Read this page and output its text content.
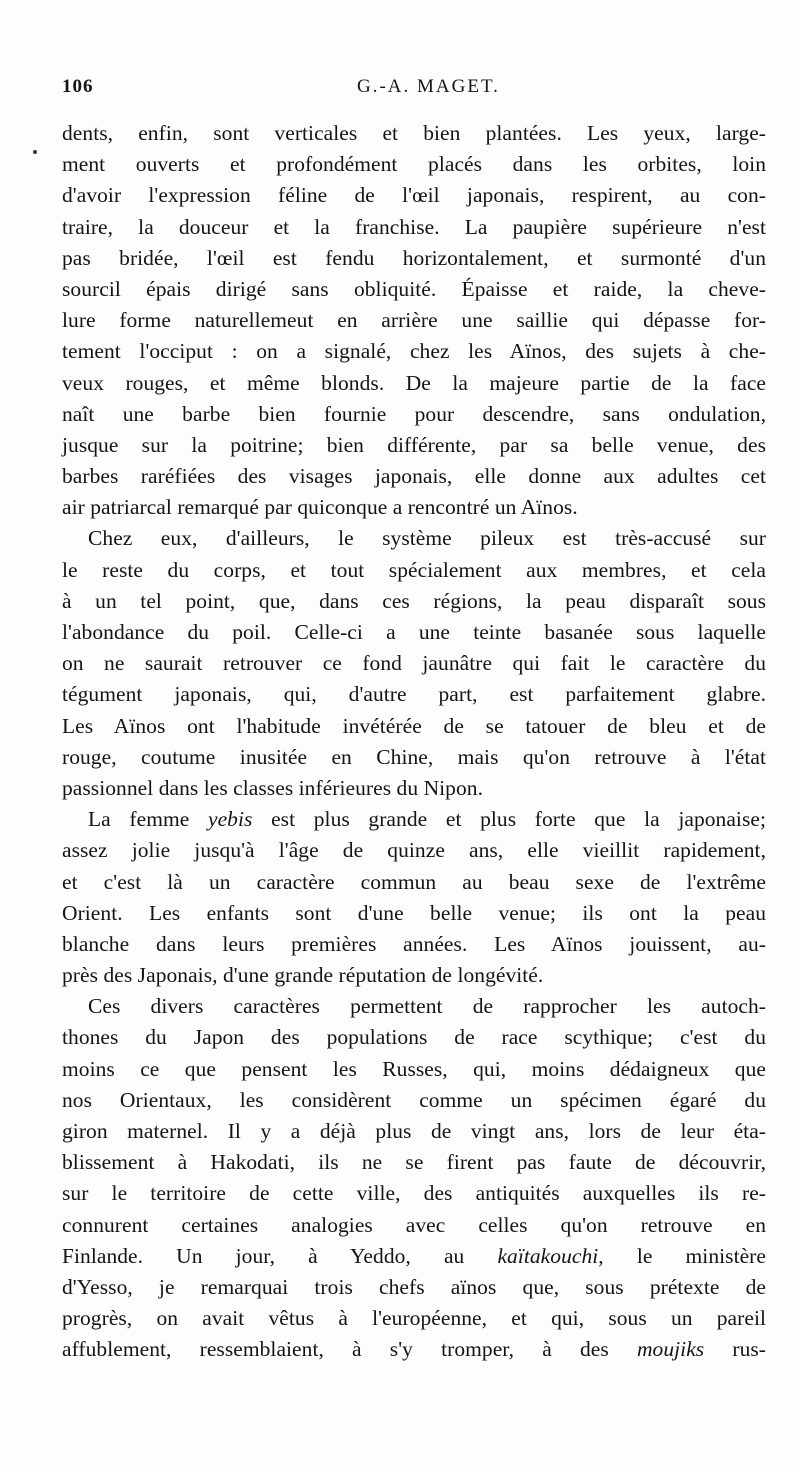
106	G.-A. MAGET.
dents, enfin, sont verticales et bien plantées. Les yeux, large-
ment ouverts et profondément placés dans les orbites, loin
d'avoir l'expression féline de l'œil japonais, respirent, au con-
traire, la douceur et la franchise. La paupière supérieure n'est
pas bridée, l'œil est fendu horizontalement, et surmonté d'un
sourcil épais dirigé sans obliquité. Épaisse et raide, la cheve-
lure forme naturellemeut en arrière une saillie qui dépasse for-
tement l'occiput : on a signalé, chez les Aïnos, des sujets à che-
veux rouges, et même blonds. De la majeure partie de la face
naît une barbe bien fournie pour descendre, sans ondulation,
jusque sur la poitrine; bien différente, par sa belle venue, des
barbes raréfiées des visages japonais, elle donne aux adultes cet
air patriarcal remarqué par quiconque a rencontré un Aïnos.
Chez eux, d'ailleurs, le système pileux est très-accusé sur
le reste du corps, et tout spécialement aux membres, et cela
à un tel point, que, dans ces régions, la peau disparaît sous
l'abondance du poil. Celle-ci a une teinte basanée sous laquelle
on ne saurait retrouver ce fond jaunâtre qui fait le caractère du
tégument japonais, qui, d'autre part, est parfaitement glabre.
Les Aïnos ont l'habitude invétérée de se tatouer de bleu et de
rouge, coutume inusitée en Chine, mais qu'on retrouve à l'état
passionnel dans les classes inférieures du Nipon.
La femme yebis est plus grande et plus forte que la japonaise;
assez jolie jusqu'à l'âge de quinze ans, elle vieillit rapidement,
et c'est là un caractère commun au beau sexe de l'extrême
Orient. Les enfants sont d'une belle venue; ils ont la peau
blanche dans leurs premières années. Les Aïnos jouissent, au-
près des Japonais, d'une grande réputation de longévité.
Ces divers caractères permettent de rapprocher les autoch-
thones du Japon des populations de race scythique; c'est du
moins ce que pensent les Russes, qui, moins dédaigneux que
nos Orientaux, les considèrent comme un spécimen égaré du
giron maternel. Il y a déjà plus de vingt ans, lors de leur éta-
blissement à Hakodati, ils ne se firent pas faute de découvrir,
sur le territoire de cette ville, des antiquités auxquelles ils re-
connurent certaines analogies avec celles qu'on retrouve en
Finlande. Un jour, à Yeddo, au kaïtakouchi, le ministère
d'Yesso, je remarquai trois chefs aïnos que, sous prétexte de
progrès, on avait vêtus à l'européenne, et qui, sous un pareil
affublement, ressemblaient, à s'y tromper, à des moujiks rus-
